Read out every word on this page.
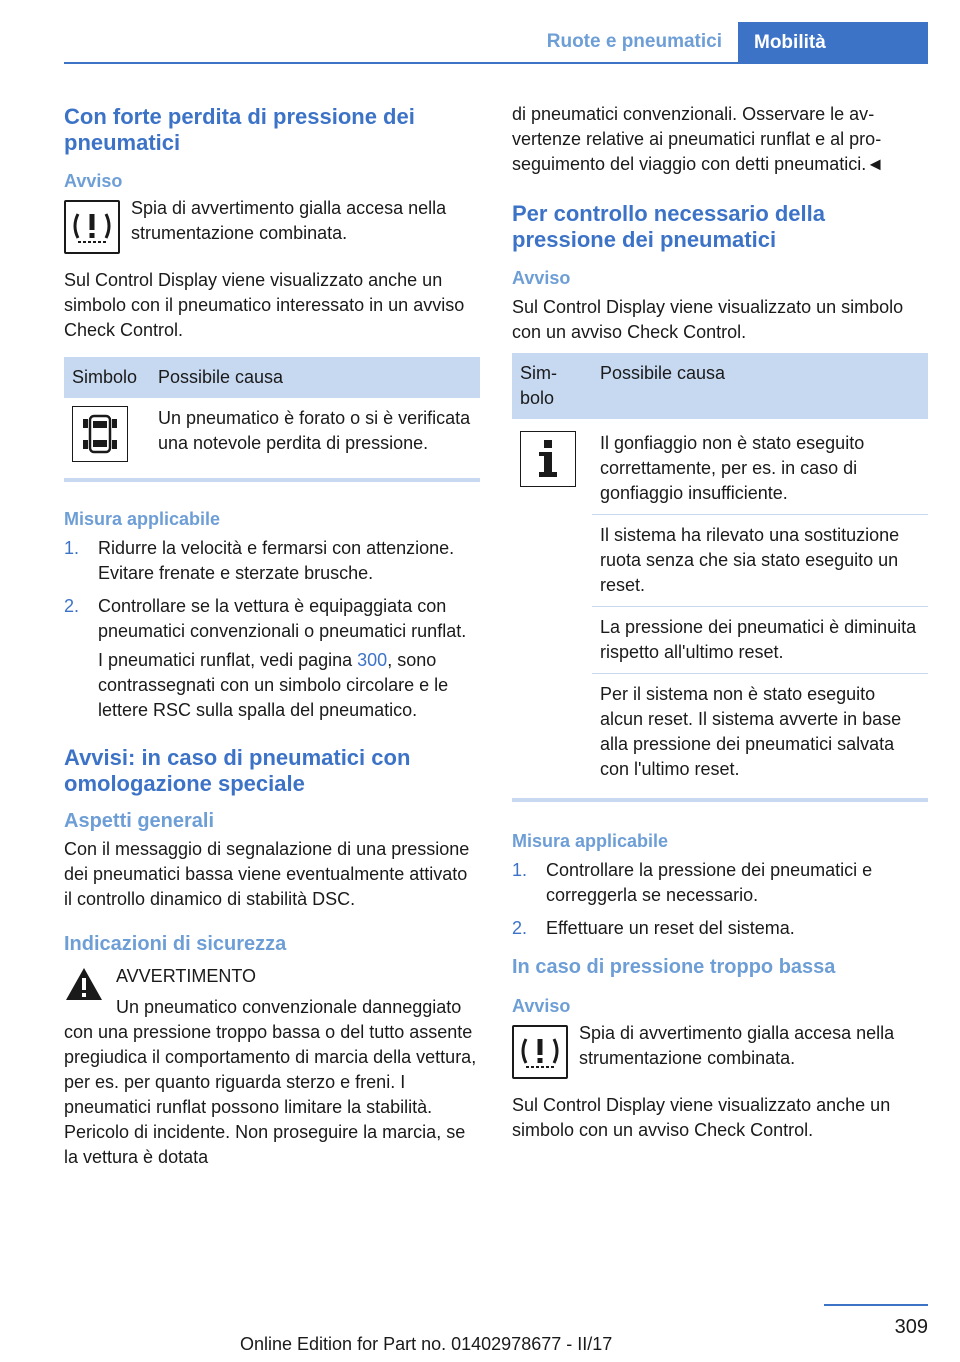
Ruote e pneumatici	Mobilità
Con forte perdita di pressione dei pneumatici
Avviso
Spia di avvertimento gialla accesa nella strumentazione combinata.
Sul Control Display viene visualizzato anche un simbolo con il pneumatico interessato in un avviso Check Control.
Simbolo	Possibile causa

	Un pneumatico è forato o si è verificata una notevole perdita di pressione.
Misura applicabile
1.	Ridurre la velocità e fermarsi con attenzione. Evitare frenate e sterzate brusche.
2.	Controllare se la vettura è equipaggiata con pneumatici convenzionali o pneumatici runflat.
I pneumatici runflat, vedi pagina 300, sono contrassegnati con un simbolo circolare e le lettere RSC sulla spalla del pneumatico.
Avvisi: in caso di pneumatici con omologazione speciale
Aspetti generali
Con il messaggio di segnalazione di una pressione dei pneumatici bassa viene eventualmente attivato il controllo dinamico di stabilità DSC.
Indicazioni di sicurezza
AVVERTIMENTO
Un pneumatico convenzionale danneggiato con una pressione troppo bassa o del tutto assente pregiudica il comportamento di marcia della vettura, per es. per quanto riguarda sterzo e freni. I pneumatici runflat possono limitare la stabilità. Pericolo di incidente. Non proseguire la marcia, se la vettura è dotata
di pneumatici convenzionali. Osservare le avvertenze relative ai pneumatici runflat e al proseguimento del viaggio con detti pneumatici.◄
Per controllo necessario della pressione dei pneumatici
Avviso
Sul Control Display viene visualizzato un simbolo con un avviso Check Control.
Simbolo	Possibile causa

	Il gonfiaggio non è stato eseguito correttamente, per es. in caso di gonfiaggio insufficiente.
	Il sistema ha rilevato una sostituzione ruota senza che sia stato eseguito un reset.
	La pressione dei pneumatici è diminuita rispetto all'ultimo reset.
	Per il sistema non è stato eseguito alcun reset. Il sistema avverte in base alla pressione dei pneumatici salvata con l'ultimo reset.
Misura applicabile
1.	Controllare la pressione dei pneumatici e correggerla se necessario.
2.	Effettuare un reset del sistema.
In caso di pressione troppo bassa
Avviso
Spia di avvertimento gialla accesa nella strumentazione combinata.
Sul Control Display viene visualizzato anche un simbolo con un avviso Check Control.
309
Online Edition for Part no. 01402978677 - II/17
